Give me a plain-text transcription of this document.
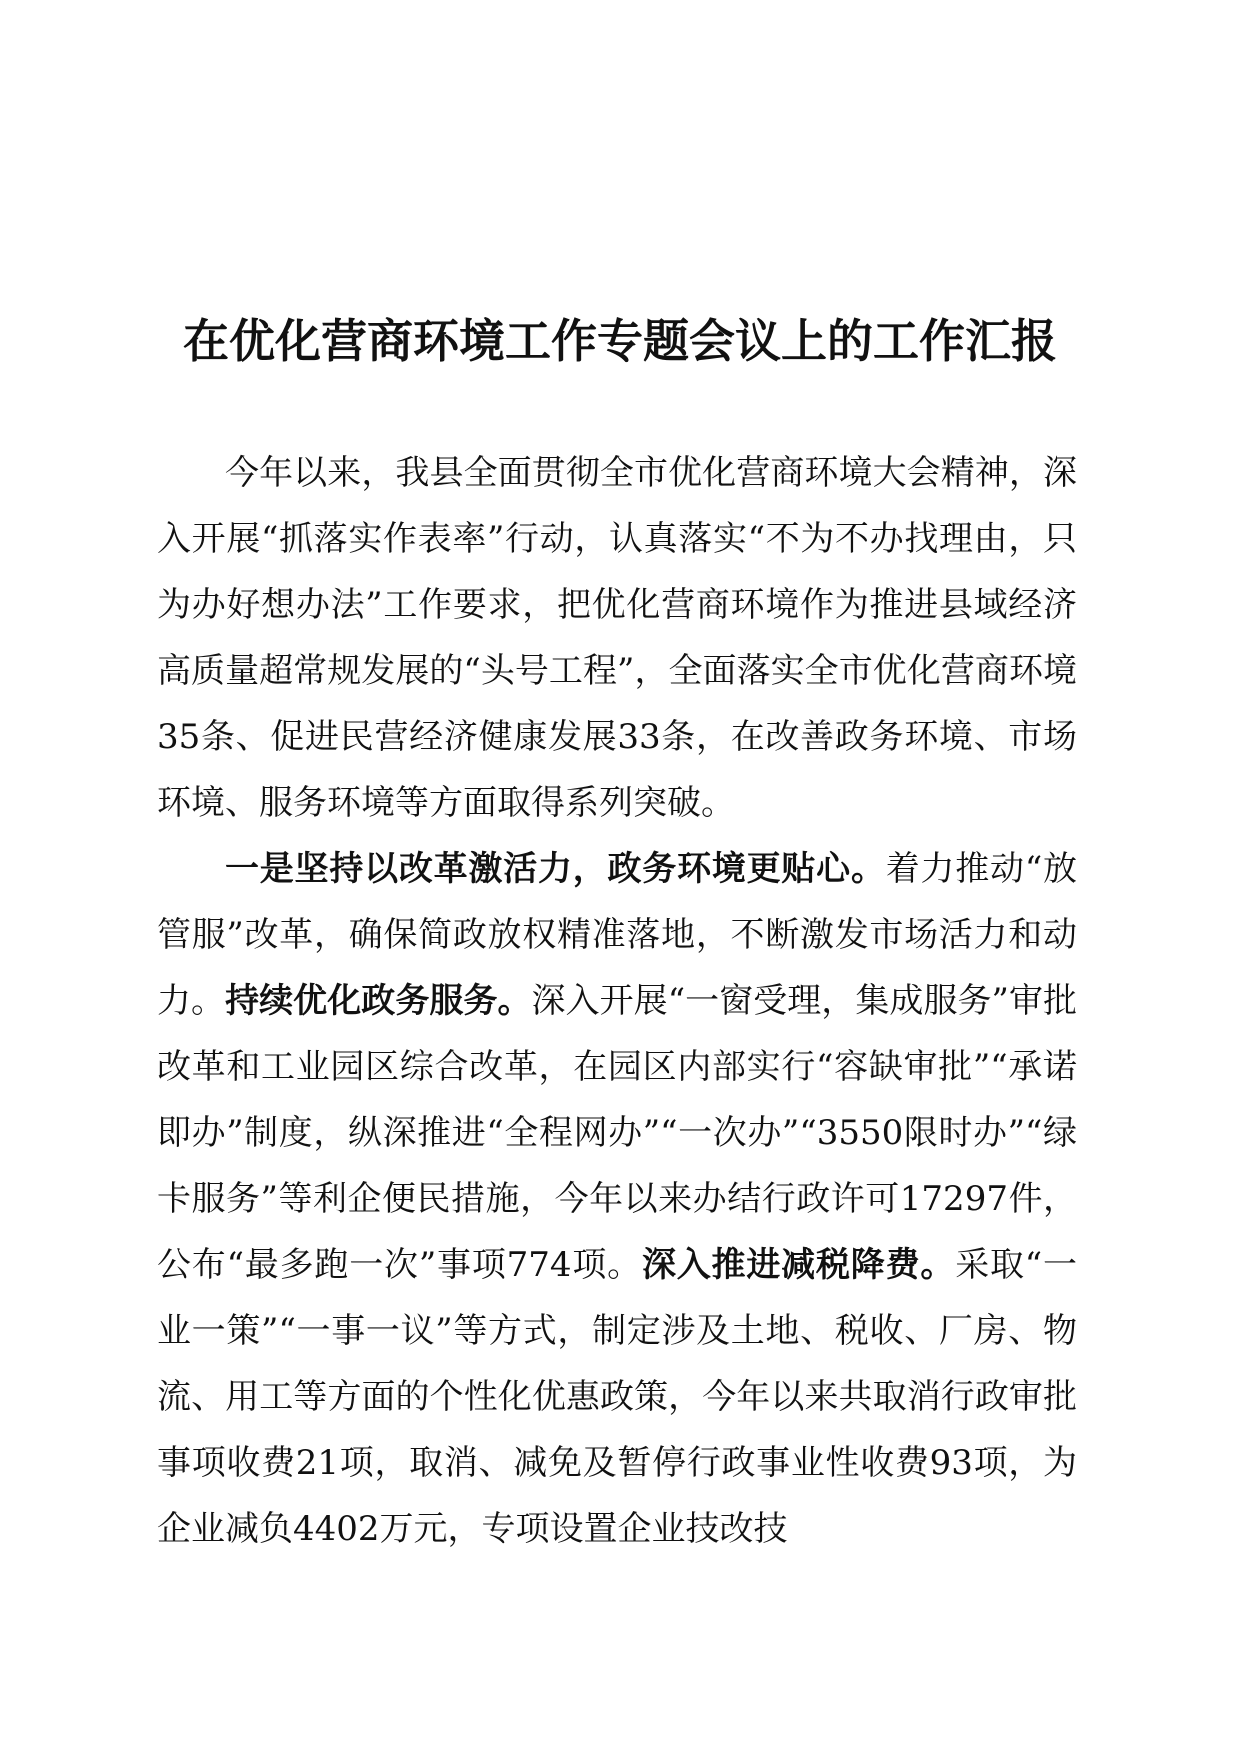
在优化营商环境工作专题会议上的工作汇报

今年以来，我县全面贯彻全市优化营商环境大会精神，深入开展“抓落实作表率”行动，认真落实“不为不办找理由，只为办好想办法”工作要求，把优化营商环境作为推进县域经济高质量超常规发展的“头号工程”，全面落实全市优化营商环境35条、促进民营经济健康发展33条，在改善政务环境、市场环境、服务环境等方面取得系列突破。

一是坚持以改革激活力，政务环境更贴心。着力推动“放管服”改革，确保简政放权精准落地，不断激发市场活力和动力。持续优化政务服务。深入开展“一窗受理，集成服务”审批改革和工业园区综合改革，在园区内部实行“容缺审批”“承诺即办”制度，纵深推进“全程网办”“一次办”“3550限时办”“绿卡服务”等利企便民措施，今年以来办结行政许可17297件，公布“最多跑一次”事项774项。深入推进减税降费。采取“一业一策”“一事一议”等方式，制定涉及土地、税收、厂房、物流、用工等方面的个性化优惠政策，今年以来共取消行政审批事项收费21项，取消、减免及暂停行政事业性收费93项，为企业减负4402万元，专项设置企业技改技
